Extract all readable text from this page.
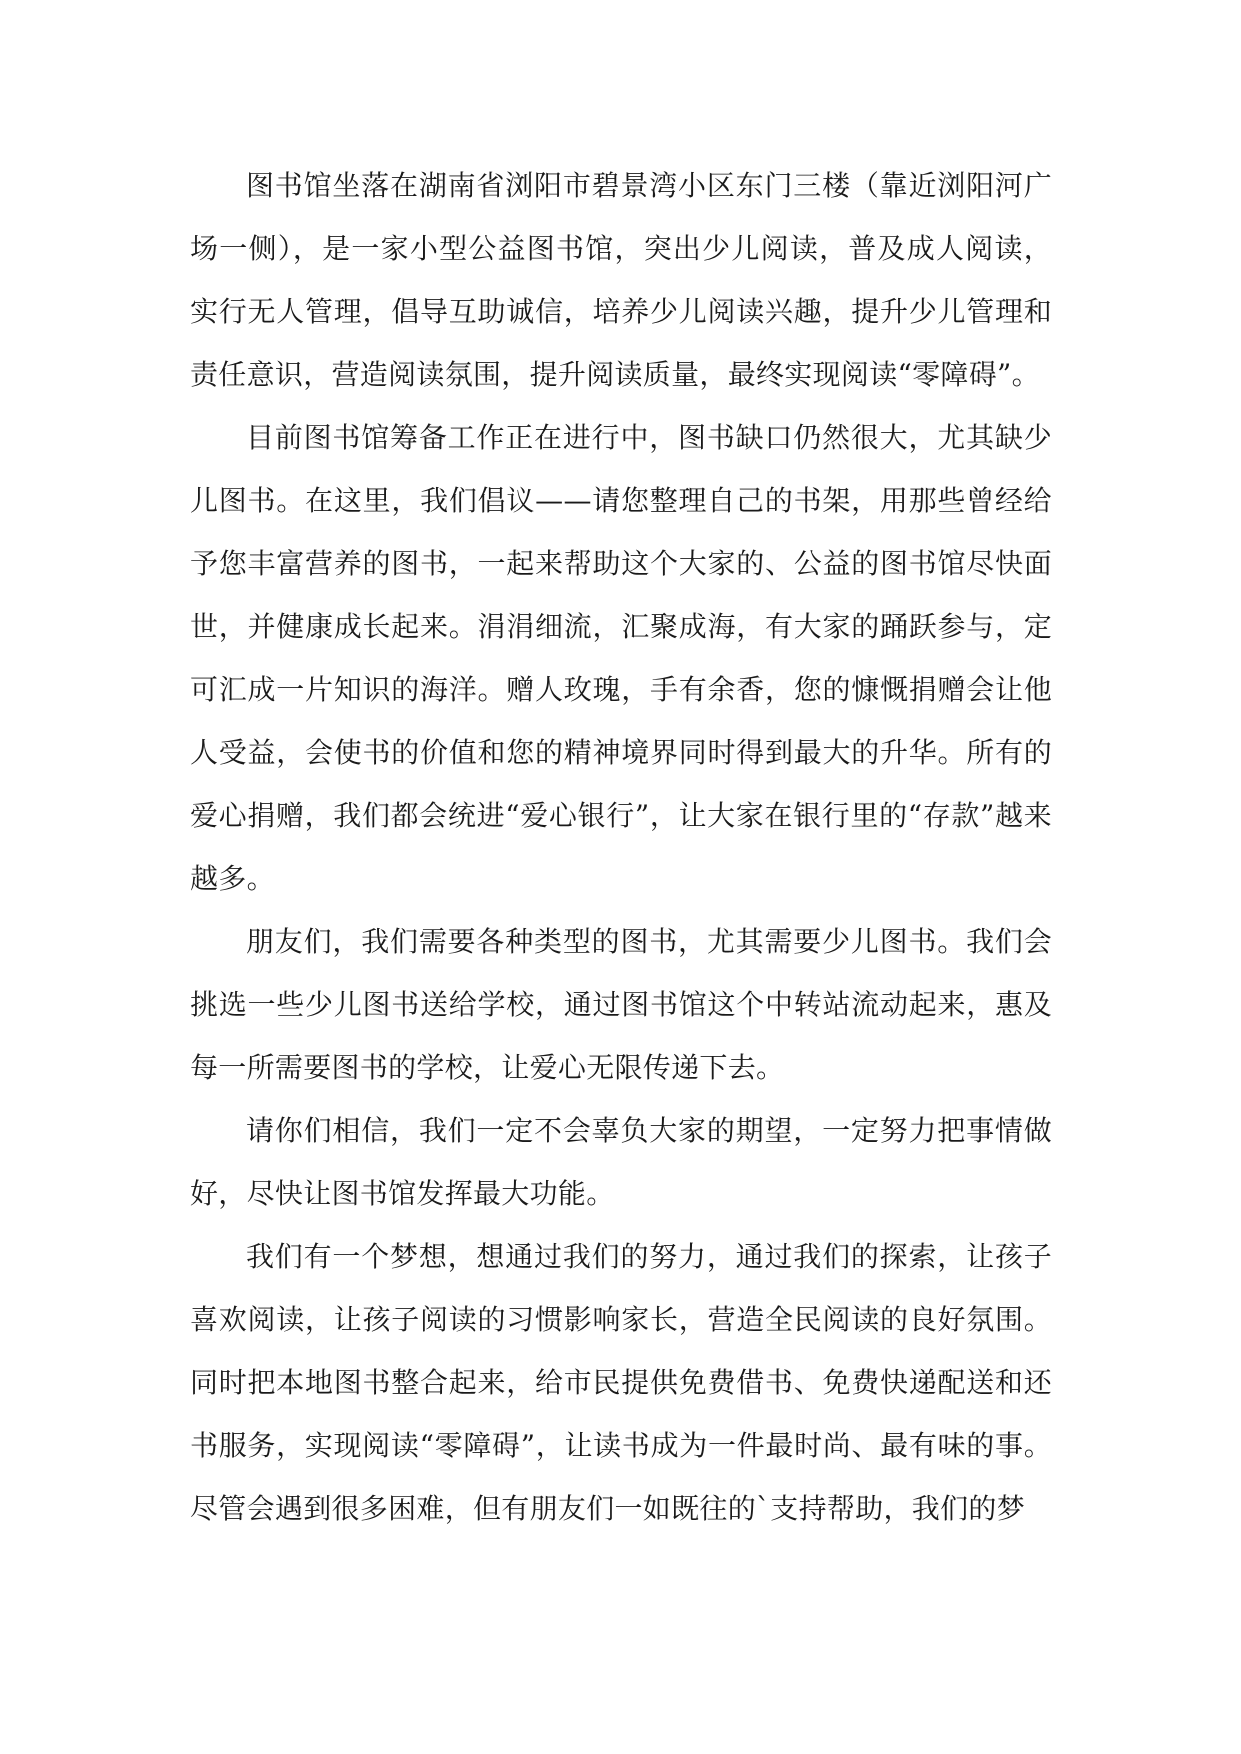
图书馆坐落在湖南省浏阳市碧景湾小区东门三楼（靠近浏阳河广场一侧），是一家小型公益图书馆，突出少儿阅读，普及成人阅读，实行无人管理，倡导互助诚信，培养少儿阅读兴趣，提升少儿管理和责任意识，营造阅读氛围，提升阅读质量，最终实现阅读“零障碍”。

目前图书馆筹备工作正在进行中，图书缺口仍然很大，尤其缺少儿图书。在这里，我们倡议——请您整理自己的书架，用那些曾经给予您丰富营养的图书，一起来帮助这个大家的、公益的图书馆尽快面世，并健康成长起来。涓涓细流，汇聚成海，有大家的踊跃参与，定可汇成一片知识的海洋。赠人玫瑰，手有余香，您的慷慨捐赠会让他人受益，会使书的价值和您的精神境界同时得到最大的升华。所有的爱心捐赠，我们都会统进“爱心银行”，让大家在银行里的“存款”越来越多。

朋友们，我们需要各种类型的图书，尤其需要少儿图书。我们会挑选一些少儿图书送给学校，通过图书馆这个中转站流动起来，惠及每一所需要图书的学校，让爱心无限传递下去。

请你们相信，我们一定不会辜负大家的期望，一定努力把事情做好，尽快让图书馆发挥最大功能。

我们有一个梦想，想通过我们的努力，通过我们的探索，让孩子喜欢阅读，让孩子阅读的习惯影响家长，营造全民阅读的良好氛围。同时把本地图书整合起来，给市民提供免费借书、免费快递配送和还书服务，实现阅读“零障碍”，让读书成为一件最时尚、最有味的事。尽管会遇到很多困难，但有朋友们一如既往的`支持帮助，我们的梦
